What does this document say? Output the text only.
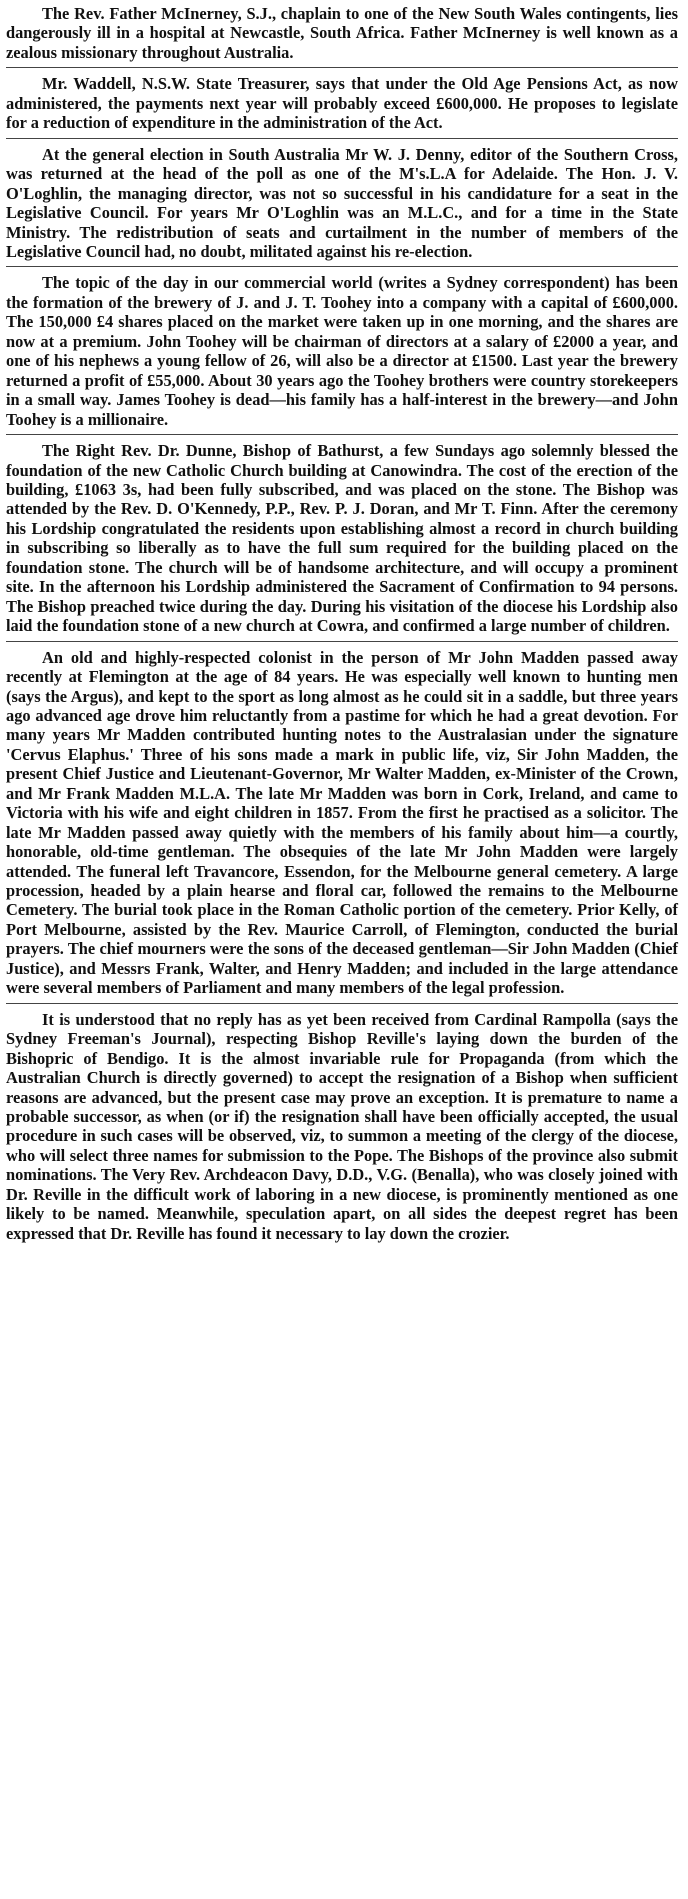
The Rev. Father McInerney, S.J., chaplain to one of the New South Wales contingents, lies dangerously ill in a hospital at Newcastle, South Africa. Father McInerney is well known as a zealous missionary throughout Australia.

Mr. Waddell, N.S.W. State Treasurer, says that under the Old Age Pensions Act, as now administered, the payments next year will probably exceed £600,000. He proposes to legislate for a reduction of expenditure in the administration of the Act.

At the general election in South Australia Mr W. J. Denny, editor of the Southern Cross, was returned at the head of the poll as one of the M's.L.A for Adelaide. The Hon. J. V. O'Loghlin, the managing director, was not so successful in his candidature for a seat in the Legislative Council. For years Mr O'Loghlin was an M.L.C., and for a time in the State Ministry. The redistribution of seats and curtailment in the number of members of the Legislative Council had, no doubt, militated against his re-election.

The topic of the day in our commercial world (writes a Sydney correspondent) has been the formation of the brewery of J. and J. T. Toohey into a company with a capital of £600,000. The 150,000 £4 shares placed on the market were taken up in one morning, and the shares are now at a premium. John Toohey will be chairman of directors at a salary of £2000 a year, and one of his nephews a young fellow of 26, will also be a director at £1500. Last year the brewery returned a profit of £55,000. About 30 years ago the Toohey brothers were country storekeepers in a small way. James Toohey is dead—his family has a half-interest in the brewery—and John Toohey is a millionaire.

The Right Rev. Dr. Dunne, Bishop of Bathurst, a few Sundays ago solemnly blessed the foundation of the new Catholic Church building at Canowindra. The cost of the erection of the building, £1063 3s, had been fully subscribed, and was placed on the stone. The Bishop was attended by the Rev. D. O'Kennedy, P.P., Rev. P. J. Doran, and Mr T. Finn. After the ceremony his Lordship congratulated the residents upon establishing almost a record in church building in subscribing so liberally as to have the full sum required for the building placed on the foundation stone. The church will be of handsome architecture, and will occupy a prominent site. In the afternoon his Lordship administered the Sacrament of Confirmation to 94 persons. The Bishop preached twice during the day. During his visitation of the diocese his Lordship also laid the foundation stone of a new church at Cowra, and confirmed a large number of children.

An old and highly-respected colonist in the person of Mr John Madden passed away recently at Flemington at the age of 84 years. He was especially well known to hunting men (says the Argus), and kept to the sport as long almost as he could sit in a saddle, but three years ago advanced age drove him reluctantly from a pastime for which he had a great devotion. For many years Mr Madden contributed hunting notes to the Australasian under the signature 'Cervus Elaphus.' Three of his sons made a mark in public life, viz, Sir John Madden, the present Chief Justice and Lieutenant-Governor, Mr Walter Madden, ex-Minister of the Crown, and Mr Frank Madden M.L.A. The late Mr Madden was born in Cork, Ireland, and came to Victoria with his wife and eight children in 1857. From the first he practised as a solicitor. The late Mr Madden passed away quietly with the members of his family about him—a courtly, honorable, old-time gentleman. The obsequies of the late Mr John Madden were largely attended. The funeral left Travancore, Essendon, for the Melbourne general cemetery. A large procession, headed by a plain hearse and floral car, followed the remains to the Melbourne Cemetery. The burial took place in the Roman Catholic portion of the cemetery. Prior Kelly, of Port Melbourne, assisted by the Rev. Maurice Carroll, of Flemington, conducted the burial prayers. The chief mourners were the sons of the deceased gentleman—Sir John Madden (Chief Justice), and Messrs Frank, Walter, and Henry Madden; and included in the large attendance were several members of Parliament and many members of the legal profession.

It is understood that no reply has as yet been received from Cardinal Rampolla (says the Sydney Freeman's Journal), respecting Bishop Reville's laying down the burden of the Bishopric of Bendigo. It is the almost invariable rule for Propaganda (from which the Australian Church is directly governed) to accept the resignation of a Bishop when sufficient reasons are advanced, but the present case may prove an exception. It is premature to name a probable successor, as when (or if) the resignation shall have been officially accepted, the usual procedure in such cases will be observed, viz, to summon a meeting of the clergy of the diocese, who will select three names for submission to the Pope. The Bishops of the province also submit nominations. The Very Rev. Archdeacon Davy, D.D., V.G. (Benalla), who was closely joined with Dr. Reville in the difficult work of laboring in a new diocese, is prominently mentioned as one likely to be named. Meanwhile, speculation apart, on all sides the deepest regret has been expressed that Dr. Reville has found it necessary to lay down the crozier.
